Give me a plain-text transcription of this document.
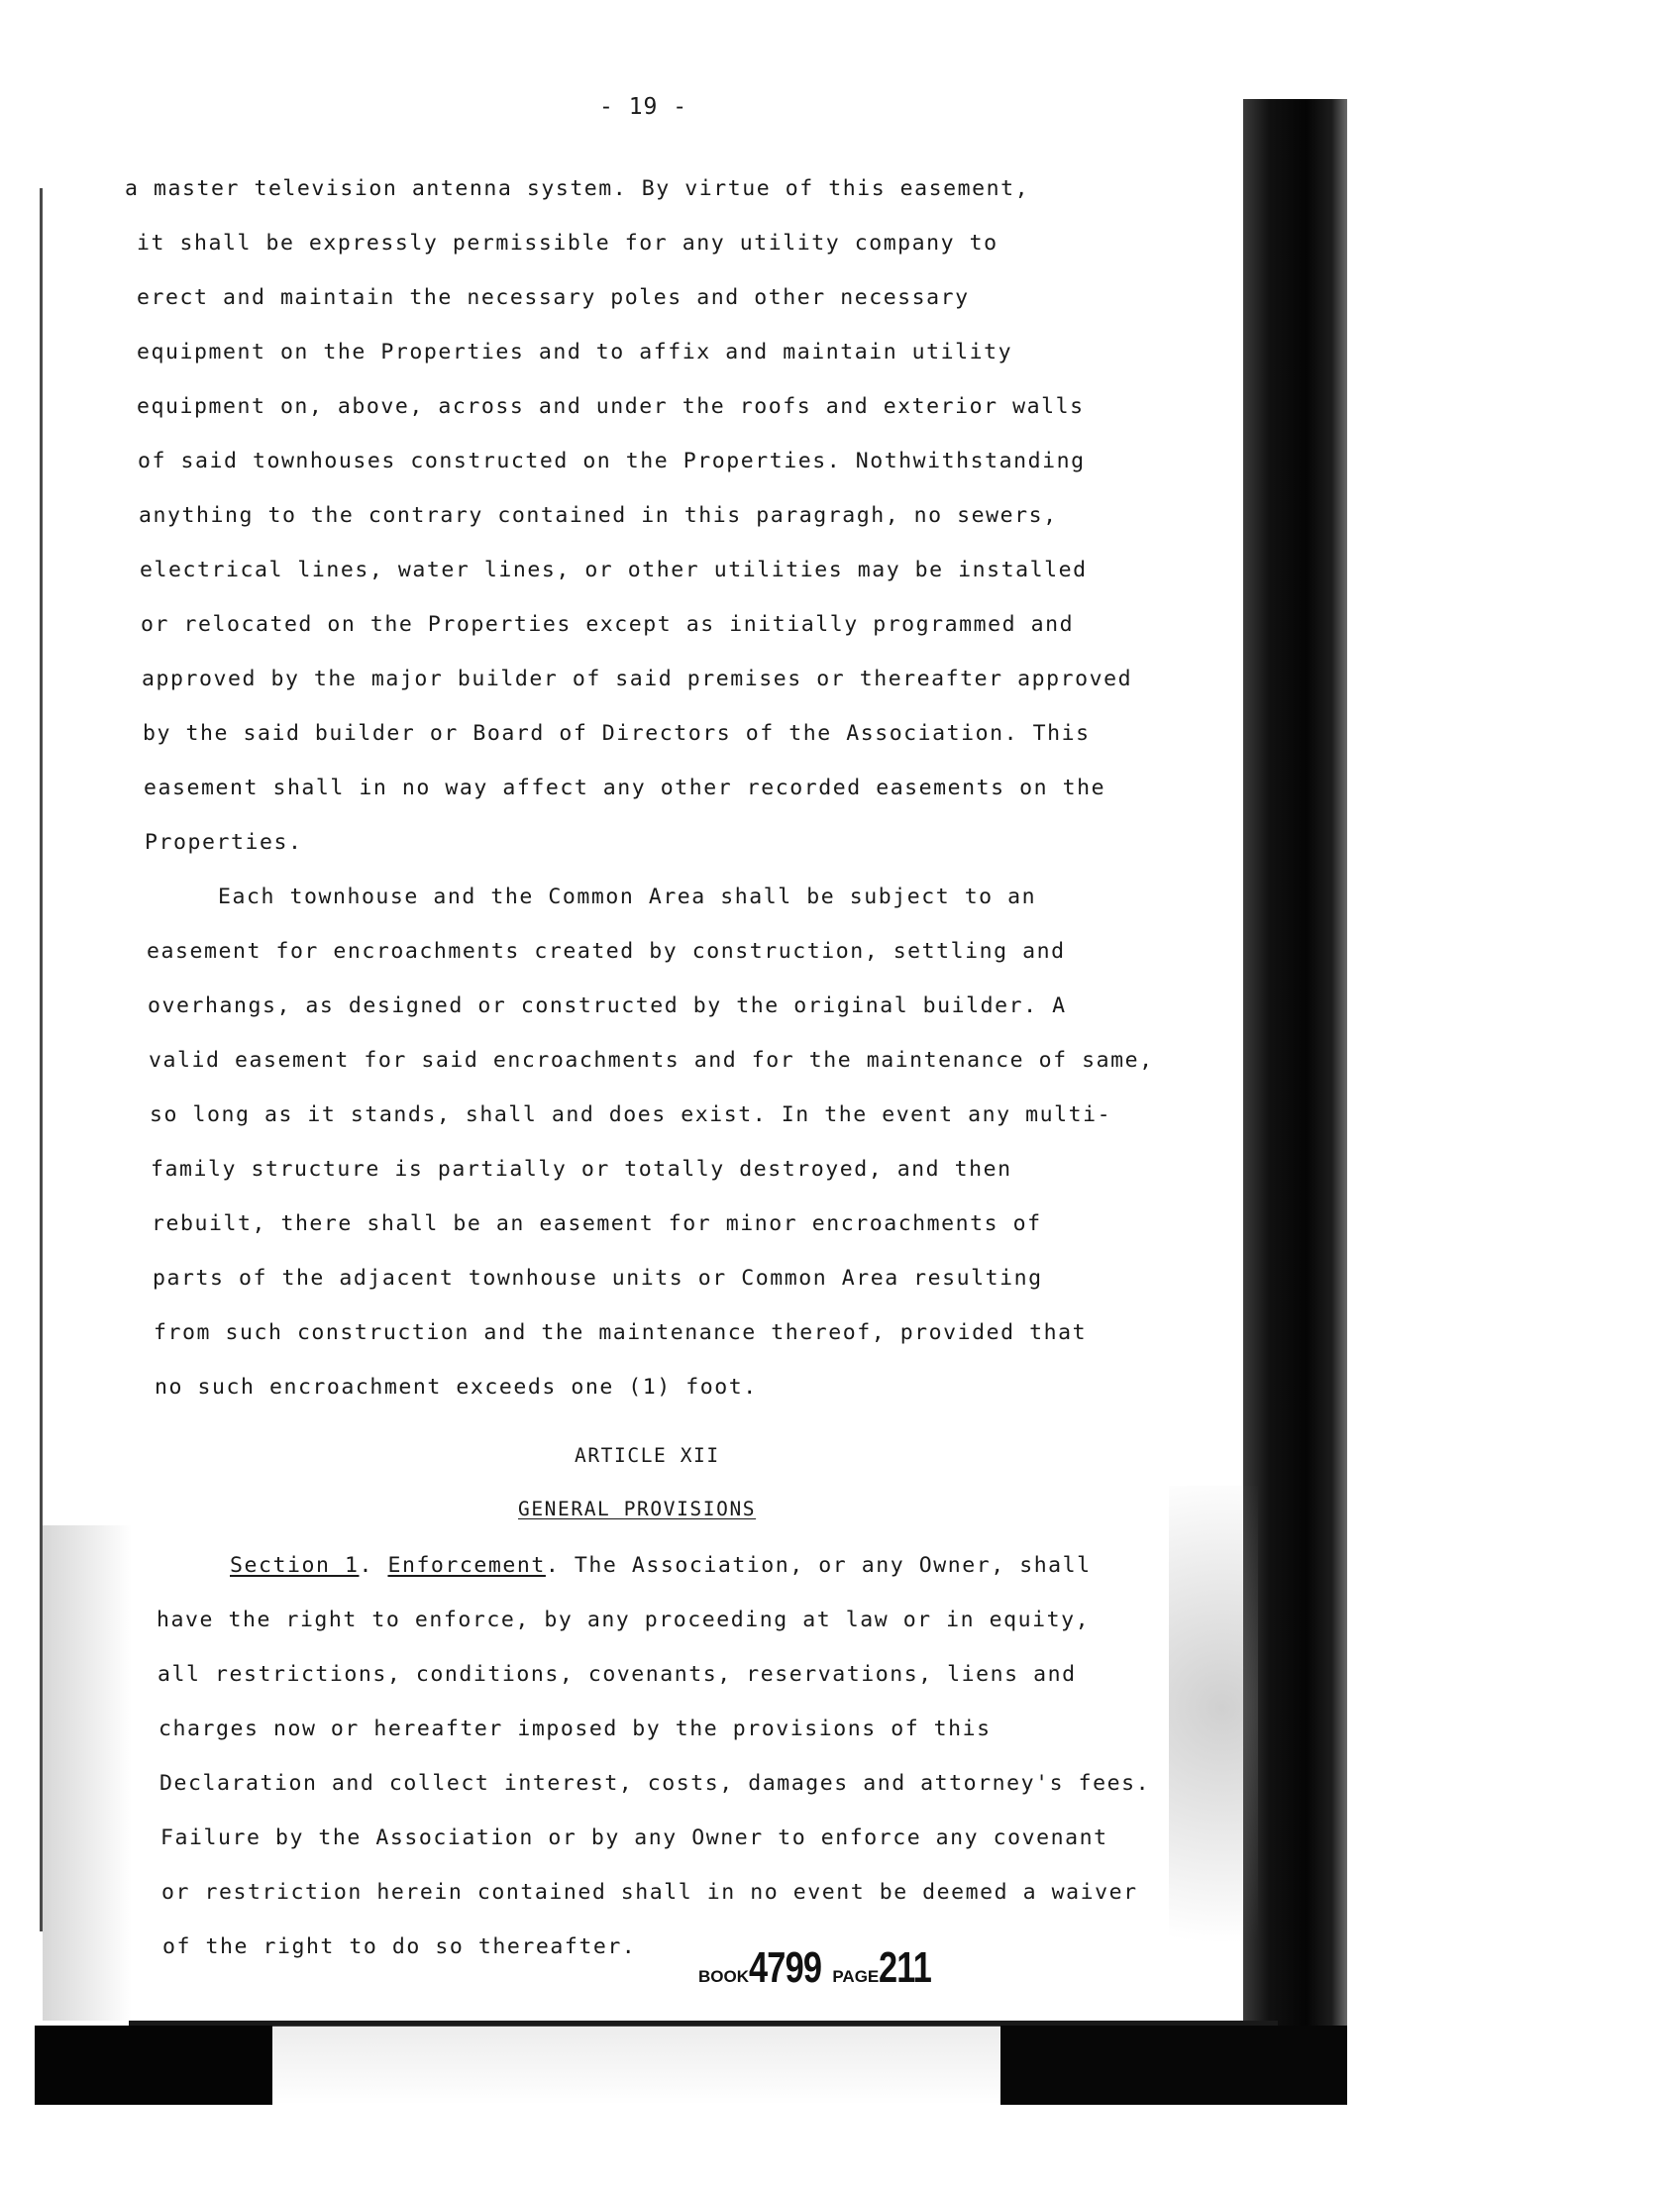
- 19 -
a master television antenna system. By virtue of this easement,
it shall be expressly permissible for any utility company to
erect and maintain the necessary poles and other necessary
equipment on the Properties and to affix and maintain utility
equipment on, above, across and under the roofs and exterior walls
of said townhouses constructed on the Properties. Nothwithstanding
anything to the contrary contained in this paragragh, no sewers,
electrical lines, water lines, or other utilities may be installed
or relocated on the Properties except as initially programmed and
approved by the major builder of said premises or thereafter approved
by the said builder or Board of Directors of the Association. This
easement shall in no way affect any other recorded easements on the
Properties.
Each townhouse and the Common Area shall be subject to an
easement for encroachments created by construction, settling and
overhangs, as designed or constructed by the original builder. A
valid easement for said encroachments and for the maintenance of same,
so long as it stands, shall and does exist. In the event any multi-
family structure is partially or totally destroyed, and then
rebuilt, there shall be an easement for minor encroachments of
parts of the adjacent townhouse units or Common Area resulting
from such construction and the maintenance thereof, provided that
no such encroachment exceeds one (1) foot.
ARTICLE XII
GENERAL PROVISIONS
Section 1. Enforcement. The Association, or any Owner, shall
have the right to enforce, by any proceeding at law or in equity,
all restrictions, conditions, covenants, reservations, liens and
charges now or hereafter imposed by the provisions of this
Declaration and collect interest, costs, damages and attorney's fees.
Failure by the Association or by any Owner to enforce any covenant
or restriction herein contained shall in no event be deemed a waiver
of the right to do so thereafter.
BOOK4799 PAGE211
